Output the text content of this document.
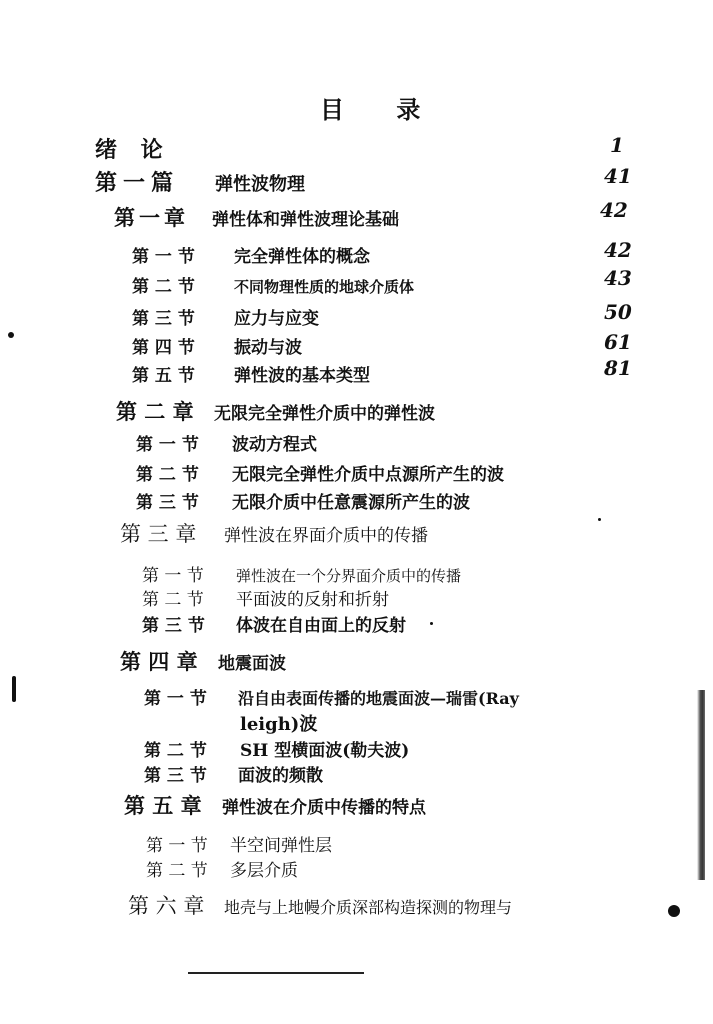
目 录
绪 论	1
第一篇 弹性波物理	41
第一章 弹性体和弹性波理论基础	42
第 一 节 完全弹性体的概念	42
第 二 节	不同物理性质的地球介质体	43
第 三 节 应力与应变	50
第 四 节 振动与波	61
第 五 节 弹性波的基本类型	81
第 二 章 无限完全弹性介质中的弹性波
第 一 节 波动方程式
第 二 节 无限完全弹性介质中点源所产生的波
第 三 节 无限介质中任意震源所产生的波
第 三 章 弹性波在界面介质中的传播
第 一 节 弹性波在一个分界面介质中的传播
第 二 节 平面波的反射和折射
第 三 节 体波在自由面上的反射
第 四 章 地震面波
第 一 节 沿自由表面传播的地震面波—瑞雷(Ray
leigh)波
第 二 节 SH 型横面波(勒夫波)
第 三 节 面波的频散
第 五 章 弹性波在介质中传播的特点
第 一 节 半空间弹性层
第 二 节 多层介质
第 六 章 地壳与上地幔介质深部构造探测的物理与
